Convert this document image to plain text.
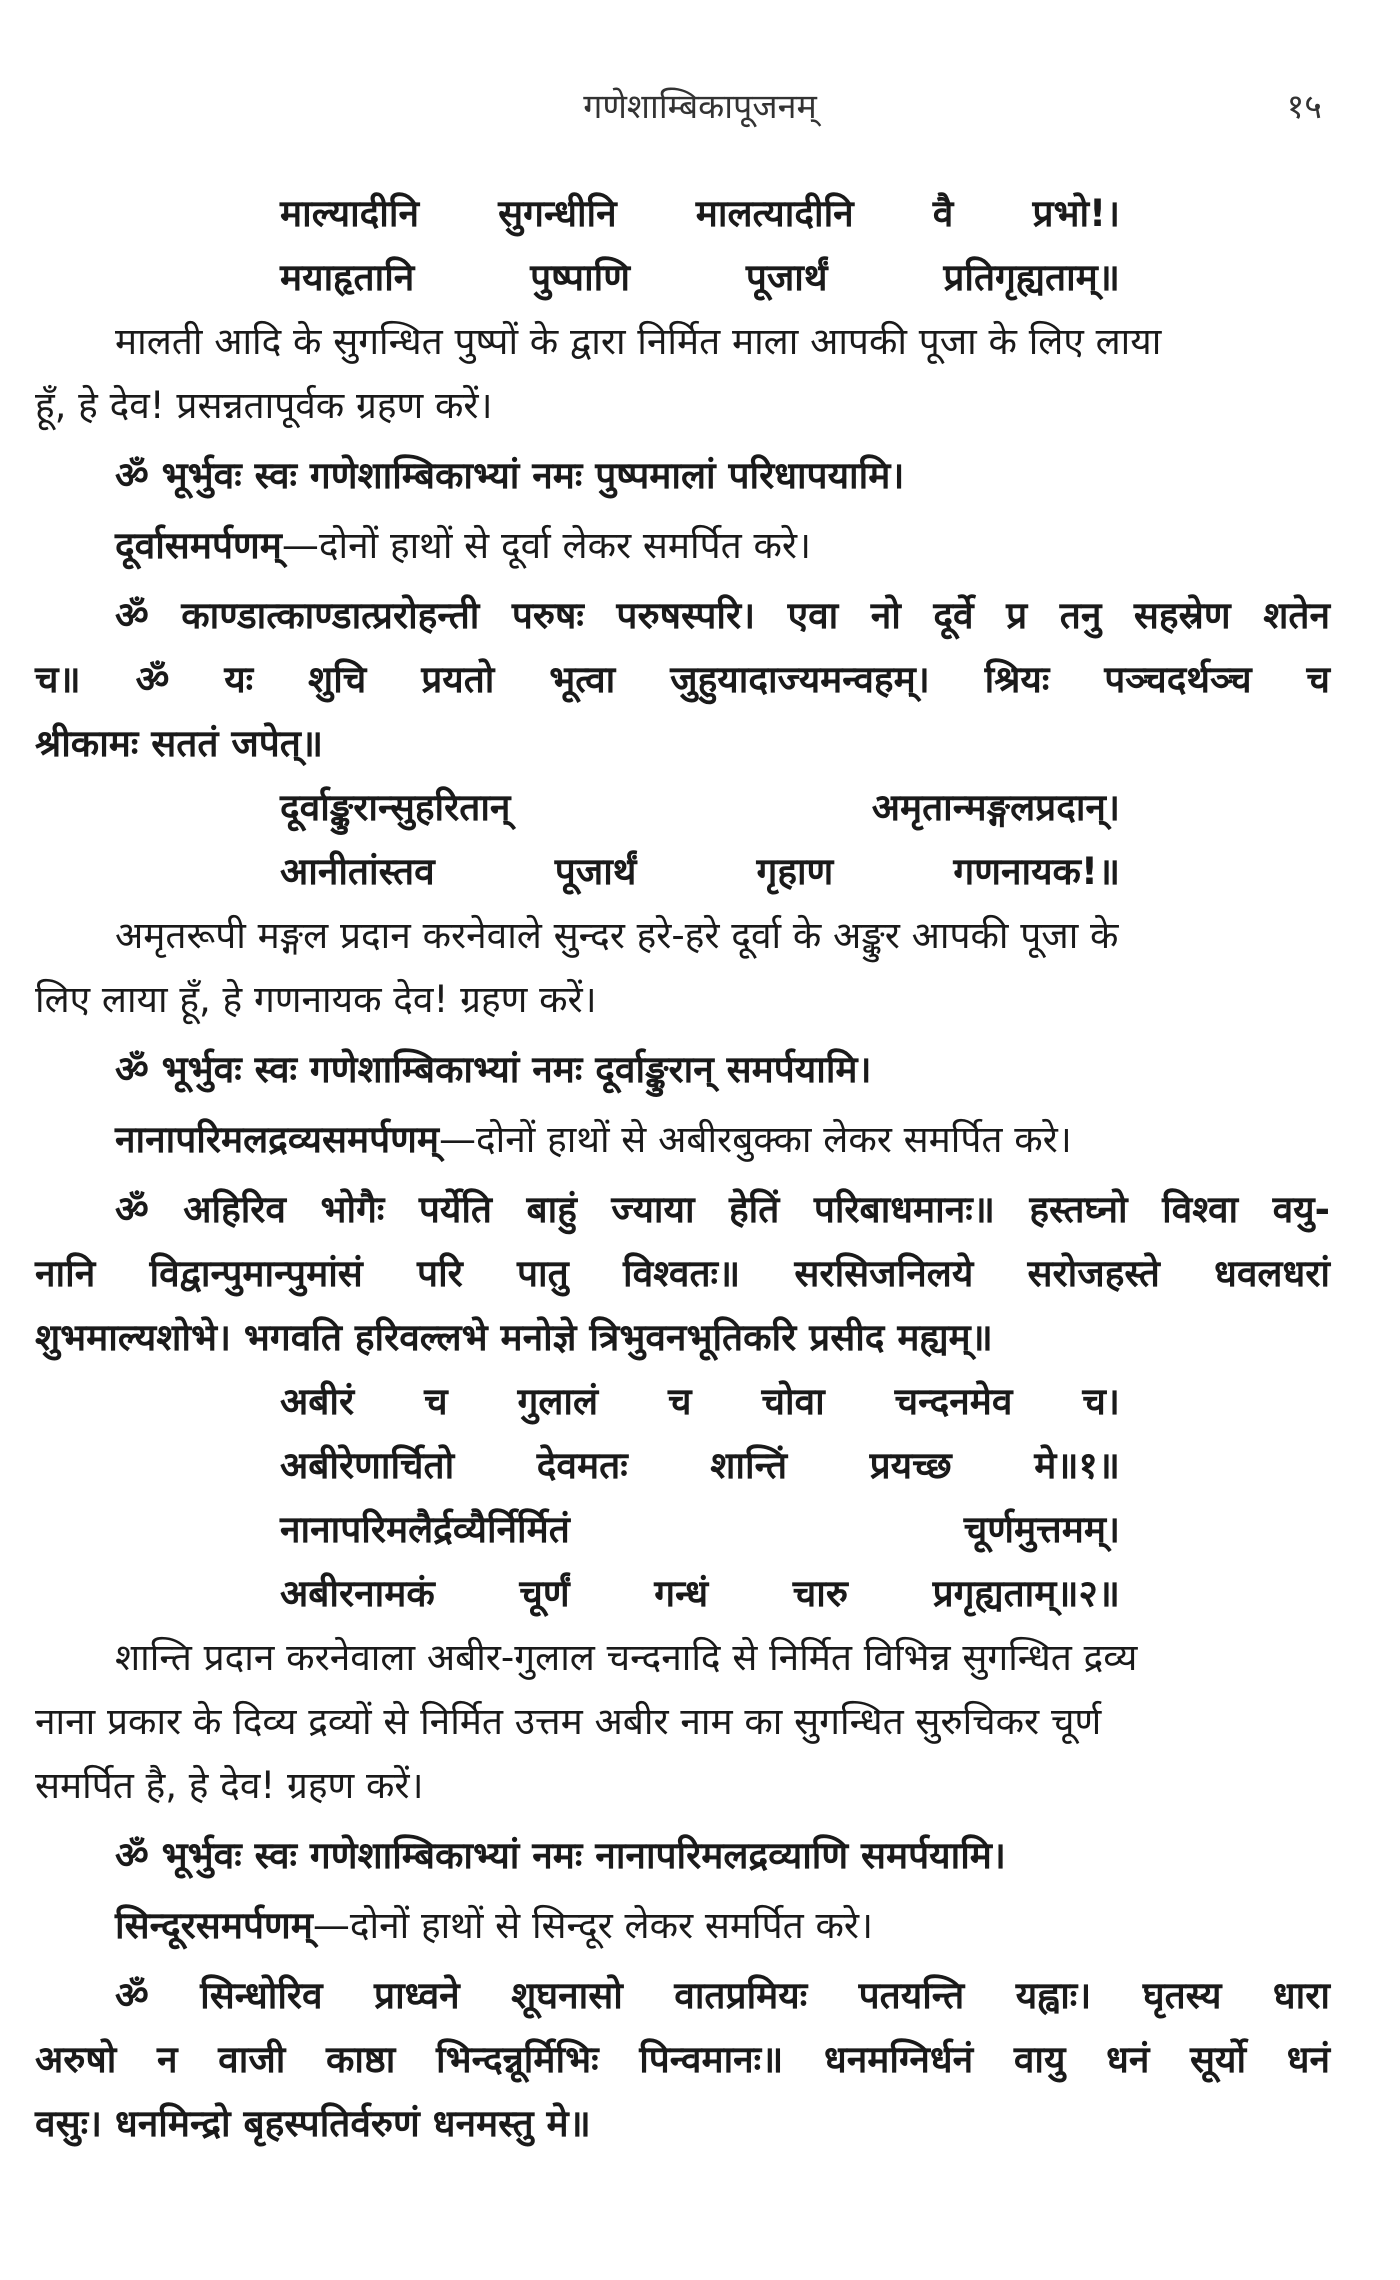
गणेशाम्बिकापूजनम्	१५
माल्यादीनि सुगन्धीनि मालत्यादीनि वै प्रभो!।
मयाहृतानि	पुष्पाणि	पूजार्थं	प्रतिगृह्यताम्॥
मालती आदि के सुगन्धित पुष्पों के द्वारा निर्मित माला आपकी पूजा के लिए लाया
हूँ, हे देव! प्रसन्नतापूर्वक ग्रहण करें।
ॐ भूर्भुवः स्वः गणेशाम्बिकाभ्यां नमः पुष्पमालां परिधापयामि।
दूर्वासमर्पणम्—दोनों हाथों से दूर्वा लेकर समर्पित करे।
ॐ काण्डात्काण्डात्प्ररोहन्ती परुषः परुषस्परि। एवा नो दूर्वे प्र तनु सहस्रेण शतेन
च॥ ॐ यः शुचि प्रयतो भूत्वा जुहुयादाज्यमन्वहम्। श्रियः पञ्चदर्थञ्च च
श्रीकामः सततं जपेत्॥
दूर्वाङ्कुरान्सुहरितान्	अमृतान्मङ्गलप्रदान्।
आनीतांस्तव	पूजार्थं	गृहाण	गणनायक!॥
अमृतरूपी मङ्गल प्रदान करनेवाले सुन्दर हरे-हरे दूर्वा के अङ्कुर आपकी पूजा के
लिए लाया हूँ, हे गणनायक देव! ग्रहण करें।
ॐ भूर्भुवः स्वः गणेशाम्बिकाभ्यां नमः दूर्वाङ्कुरान् समर्पयामि।
नानापरिमलद्रव्यसमर्पणम्—दोनों हाथों से अबीरबुक्का लेकर समर्पित करे।
ॐ अहिरिव भोगैः पर्येति बाहुं ज्याया हेतिं परिबाधमानः॥ हस्तघ्नो विश्वा वयु-
नानि विद्वान्पुमान्पुमांसं परि पातु विश्वतः॥ सरसिजनिलये सरोजहस्ते धवलधरां
शुभमाल्यशोभे। भगवति हरिवल्लभे मनोज्ञे त्रिभुवनभूतिकरि प्रसीद मह्यम्॥
अबीरं च गुलालं च चोवा चन्दनमेव च।
अबीरेणार्चितो देवमतः शान्तिं प्रयच्छ मे॥१॥
नानापरिमलैर्द्रव्यैर्निर्मितं	चूर्णमुत्तमम्।
अबीरनामकं चूर्णं गन्धं चारु प्रगृह्यताम्॥२॥
शान्ति प्रदान करनेवाला अबीर-गुलाल चन्दनादि से निर्मित विभिन्न सुगन्धित द्रव्य
नाना प्रकार के दिव्य द्रव्यों से निर्मित उत्तम अबीर नाम का सुगन्धित सुरुचिकर चूर्ण
समर्पित है, हे देव! ग्रहण करें।
ॐ भूर्भुवः स्वः गणेशाम्बिकाभ्यां नमः नानापरिमलद्रव्याणि समर्पयामि।
सिन्दूरसमर्पणम्—दोनों हाथों से सिन्दूर लेकर समर्पित करे।
ॐ सिन्धोरिव प्राध्वने शूघनासो वातप्रमियः पतयन्ति यह्वाः। घृतस्य धारा
अरुषो न वाजी काष्ठा भिन्दन्नूर्मिभिः पिन्वमानः॥ धनमग्निर्धनं वायु धनं सूर्यो धनं
वसुः। धनमिन्द्रो बृहस्पतिर्वरुणं धनमस्तु मे॥
